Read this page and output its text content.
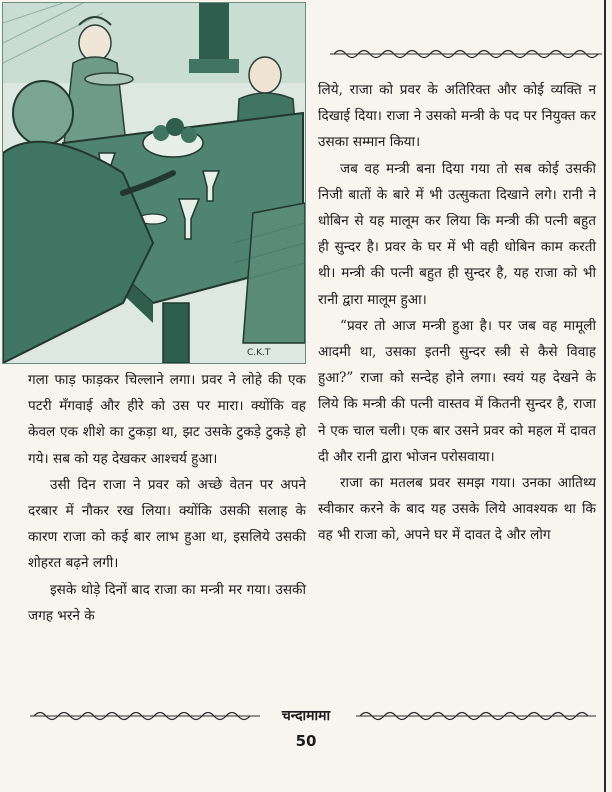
C.K.T

लिये, राजा को प्रवर के अतिरिक्त और कोई व्यक्ति न दिखाई दिया। राजा ने उसको मन्त्री के पद पर नियुक्त कर उसका सम्मान किया।

जब वह मन्त्री बना दिया गया तो सब कोई उसकी निजी बातों के बारे में भी उत्सुकता दिखाने लगे। रानी ने धोबिन से यह मालूम कर लिया कि मन्त्री की पत्नी बहुत ही सुन्दर है। प्रवर के घर में भी वही धोबिन काम करती थी। मन्त्री की पत्नी बहुत ही सुन्दर है, यह राजा को भी रानी द्वारा मालूम हुआ।

“प्रवर तो आज मन्त्री हुआ है। पर जब वह मामूली आदमी था, उसका इतनी सुन्दर स्त्री से कैसे विवाह हुआ?” राजा को सन्देह होने लगा। स्वयं यह देखने के लिये कि मन्त्री की पत्नी वास्तव में कितनी सुन्दर है, राजा ने एक चाल चली। एक बार उसने प्रवर को महल में दावत दी और रानी द्वारा भोजन परोसवाया।

राजा का मतलब प्रवर समझ गया। उनका आतिथ्य स्वीकार करने के बाद यह उसके लिये आवश्यक था कि वह भी राजा को, अपने घर में दावत दे और लोग

गला फाड़ फाड़कर चिल्लाने लगा। प्रवर ने लोहे की एक पटरी मँगवाई और हीरे को उस पर मारा। क्योंकि वह केवल एक शीशे का टुकड़ा था, झट उसके टुकड़े टुकड़े हो गये। सब को यह देखकर आश्चर्य हुआ।

उसी दिन राजा ने प्रवर को अच्छे वेतन पर अपने दरबार में नौकर रख लिया। क्योंकि उसकी सलाह के कारण राजा को कई बार लाभ हुआ था, इसलिये उसकी शोहरत बढ़ने लगी।

इसके थोड़े दिनों बाद राजा का मन्त्री मर गया। उसकी जगह भरने के

चन्दामामा
50
